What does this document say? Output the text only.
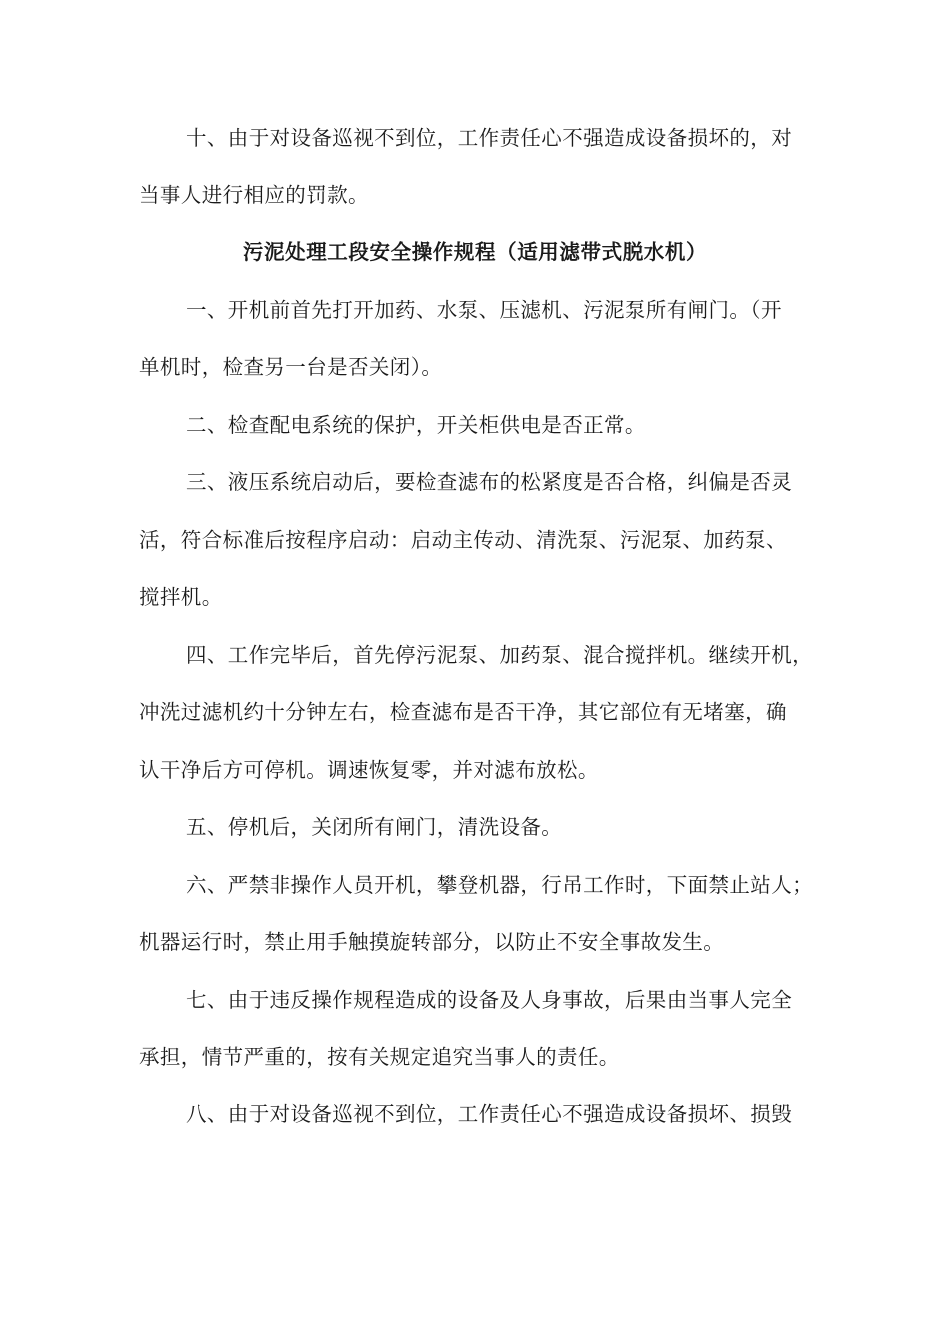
十、由于对设备巡视不到位，工作责任心不强造成设备损坏的，对
当事人进行相应的罚款。
污泥处理工段安全操作规程（适用滤带式脱水机）
一、开机前首先打开加药、水泵、压滤机、污泥泵所有闸门。（开
单机时，检查另一台是否关闭）。
二、检查配电系统的保护，开关柜供电是否正常。
三、液压系统启动后，要检查滤布的松紧度是否合格，纠偏是否灵
活，符合标准后按程序启动：启动主传动、清洗泵、污泥泵、加药泵、
搅拌机。
四、工作完毕后，首先停污泥泵、加药泵、混合搅拌机。继续开机，
冲洗过滤机约十分钟左右，检查滤布是否干净，其它部位有无堵塞，确
认干净后方可停机。调速恢复零，并对滤布放松。
五、停机后，关闭所有闸门，清洗设备。
六、严禁非操作人员开机，攀登机器，行吊工作时，下面禁止站人；
机器运行时，禁止用手触摸旋转部分，以防止不安全事故发生。
七、由于违反操作规程造成的设备及人身事故，后果由当事人完全
承担，情节严重的，按有关规定追究当事人的责任。
八、由于对设备巡视不到位，工作责任心不强造成设备损坏、损毁
